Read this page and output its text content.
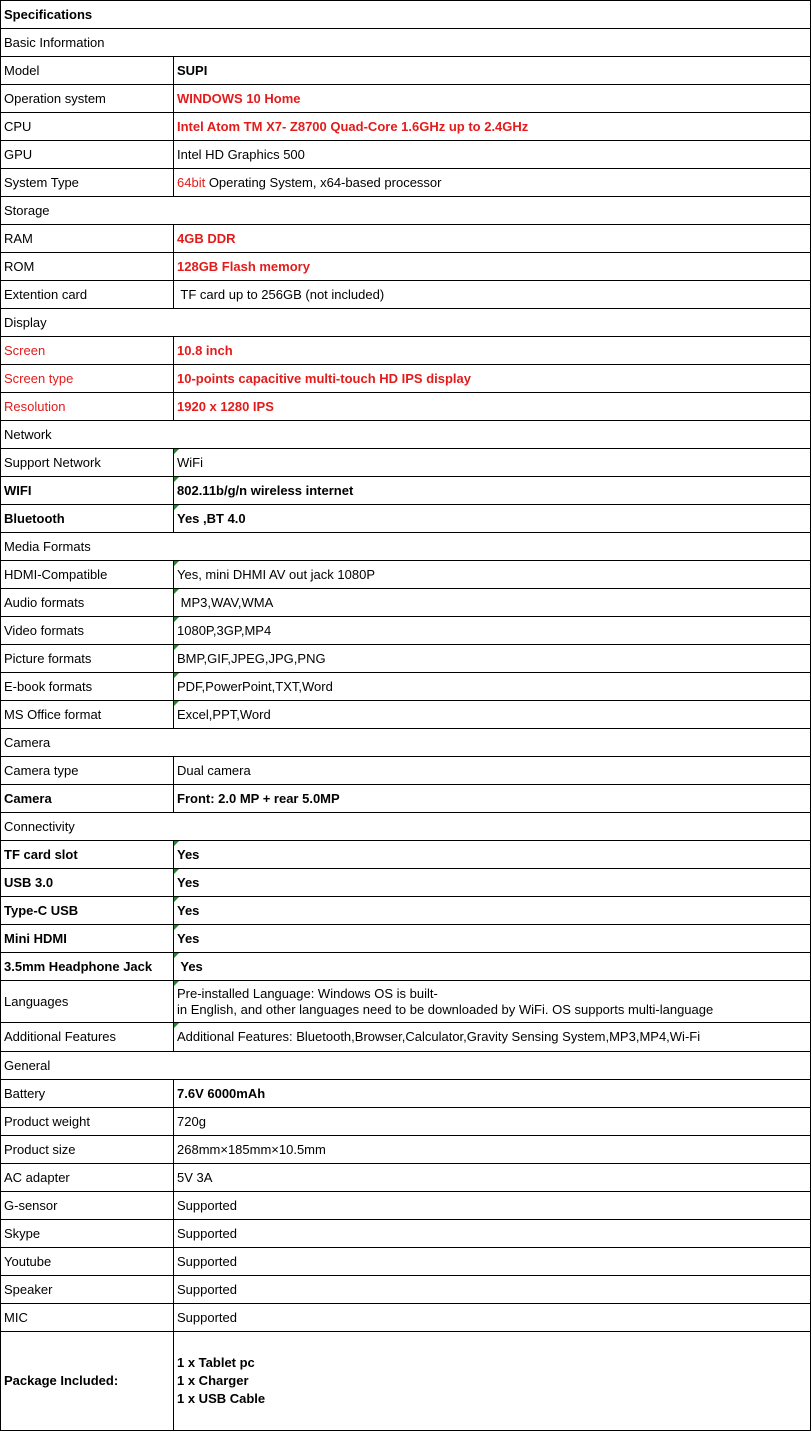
Specifications	
Basic Information	
Model	SUPI
Operation system	WINDOWS 10 Home
CPU	Intel Atom TM X7- Z8700 Quad-Core 1.6GHz up to 2.4GHz
GPU	Intel HD Graphics 500
System Type	64bit Operating System, x64-based processor
Storage	
RAM	4GB DDR
ROM	128GB Flash memory
Extention card	TF card up to 256GB (not included)
Display	
Screen	10.8 inch
Screen type	10-points capacitive multi-touch HD IPS display
Resolution	1920 x 1280 IPS
Network	
Support Network	WiFi
WIFI	802.11b/g/n wireless internet
Bluetooth	Yes ,BT 4.0
Media Formats	
HDMI-Compatible	Yes, mini DHMI AV out jack 1080P
Audio formats	MP3,WAV,WMA
Video formats	1080P,3GP,MP4
Picture formats	BMP,GIF,JPEG,JPG,PNG
E-book formats	PDF,PowerPoint,TXT,Word
MS Office format	Excel,PPT,Word
Camera	
Camera type	Dual camera
Camera	Front: 2.0 MP + rear 5.0MP
Connectivity	
TF card slot	Yes
USB 3.0	Yes
Type-C USB	Yes
Mini HDMI	Yes
3.5mm Headphone Jack	Yes
Languages	Pre-installed Language: Windows OS is built-
in English, and other languages need to be downloaded by WiFi. OS supports multi-language

Additional Features	Additional Features: Bluetooth,Browser,Calculator,Gravity Sensing System,MP3,MP4,Wi-Fi
General	
Battery	7.6V 6000mAh
Product weight	720g
Product size	268mm×185mm×10.5mm
AC adapter	5V 3A
G-sensor	Supported
Skype	Supported
Youtube	Supported
Speaker	Supported
MIC	Supported
Package Included:	1 x Tablet pc
1 x Charger
1 x USB Cable
